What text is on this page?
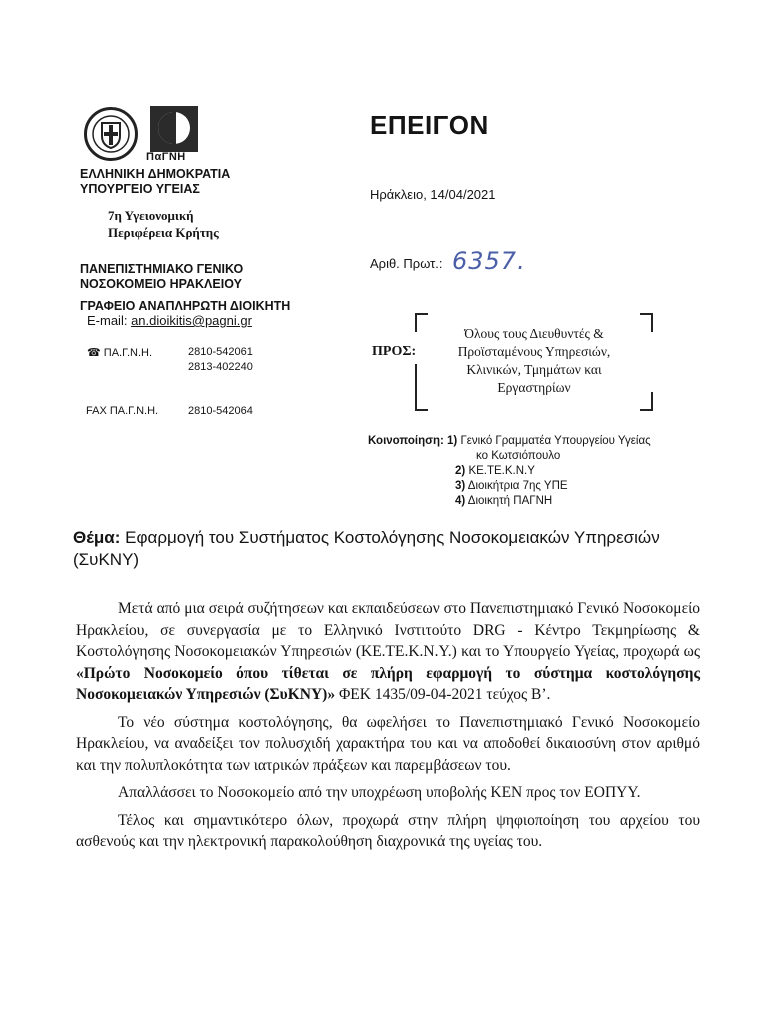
ΠαΓΝΗ
ΕΛΛΗΝΙΚΗ ΔΗΜΟΚΡΑΤΙΑ
ΥΠΟΥΡΓΕΙΟ ΥΓΕΙΑΣ
7η Υγειονομική
Περιφέρεια Κρήτης
ΠΑΝΕΠΙΣΤΗΜΙΑΚΟ ΓΕΝΙΚΟ
ΝΟΣΟΚΟΜΕΙΟ ΗΡΑΚΛΕΙΟΥ
ΓΡΑΦΕΙΟ ΑΝΑΠΛΗΡΩΤΗ ΔΙΟΙΚΗΤΗ
E-mail: an.dioikitis@pagni.gr
☎ ΠΑ.Γ.Ν.Η.	2810-542061
2813-402240
FAX ΠΑ.Γ.Ν.Η.	2810-542064
ΕΠΕΙΓΟΝ
Ηράκλειο, 14/04/2021
Αριθ. Πρωτ.: 6357.
ΠΡΟΣ:
Όλους τους Διευθυντές &
Προϊσταμένους Υπηρεσιών,
Κλινικών, Τμημάτων και
Εργαστηρίων
Κοινοποίηση: 1) Γενικό Γραμματέα Υπουργείου Υγείας
κο Κωτσιόπουλο
2) ΚΕ.ΤΕ.Κ.Ν.Υ
3) Διοικήτρια 7ης ΥΠΕ
4) Διοικητή ΠΑΓΝΗ
Θέμα: Εφαρμογή του Συστήματος Κοστολόγησης Νοσοκομειακών Υπηρεσιών (ΣυΚΝΥ)

Μετά από μια σειρά συζήτησεων και εκπαιδεύσεων στο Πανεπιστημιακό Γενικό Νοσοκομείο Ηρακλείου, σε συνεργασία με το Ελληνικό Ινστιτούτο DRG - Κέντρο Τεκμηρίωσης & Κοστολόγησης Νοσοκομειακών Υπηρεσιών (ΚΕ.ΤΕ.Κ.Ν.Υ.) και το Υπουργείο Υγείας, προχωρά ως «Πρώτο Νοσοκομείο όπου τίθεται σε πλήρη εφαρμογή το σύστημα κοστολόγησης Νοσοκομειακών Υπηρεσιών (ΣυΚΝΥ)» ΦΕΚ 1435/09-04-2021 τεύχος Β’.

Το νέο σύστημα κοστολόγησης, θα ωφελήσει το Πανεπιστημιακό Γενικό Νοσοκομείο Ηρακλείου, να αναδείξει τον πολυσχιδή χαρακτήρα του και να αποδοθεί δικαιοσύνη στον αριθμό και την πολυπλοκότητα των ιατρικών πράξεων και παρεμβάσεων του.

Απαλλάσσει το Νοσοκομείο από την υποχρέωση υποβολής ΚΕΝ προς τον ΕΟΠΥΥ.

Τέλος και σημαντικότερο όλων, προχωρά στην πλήρη ψηφιοποίηση του αρχείου του ασθενούς και την ηλεκτρονική παρακολούθηση διαχρονικά της υγείας του.
